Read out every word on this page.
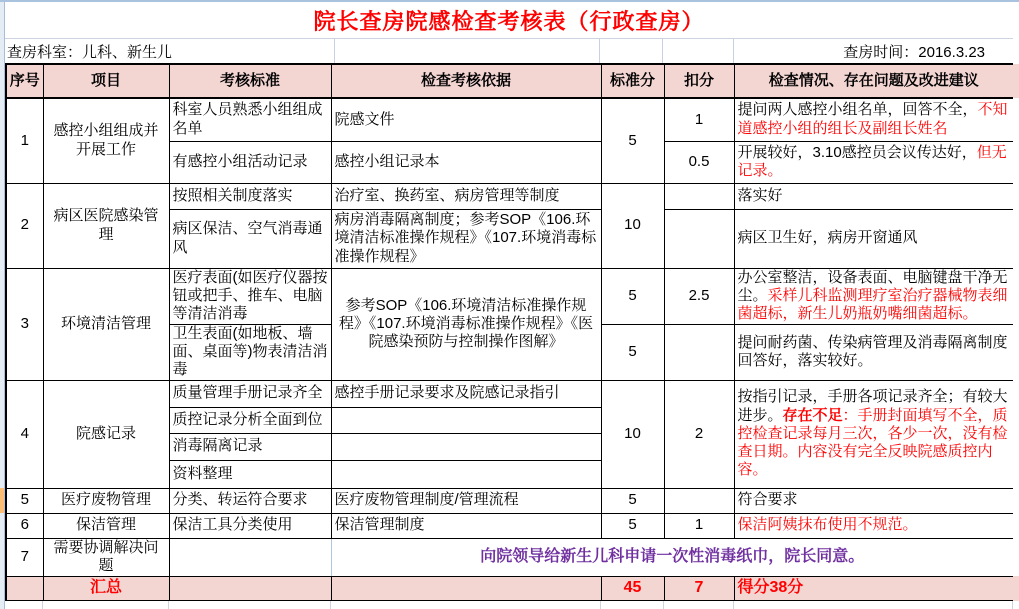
院长查房院感检查考核表（行政查房）
查房科室：儿科、新生儿	查房时间：2016.3.23
序号	项目	考核标准	检查考核依据	标准分	扣分	检查情况、存在问题及改进建议
1	感控小组组成并开展工作	科室人员熟悉小组组成名单	院感文件	5	1	提问两人感控小组名单，回答不全，不知道感控小组的组长及副组长姓名
		有感控小组活动记录	感控小组记录本		0.5	开展较好，3.10感控员会议传达好，但无记录。
2	病区医院感染管理	按照相关制度落实	治疗室、换药室、病房管理等制度	10		落实好
		病区保洁、空气消毒通风	病房消毒隔离制度；参考SOP《106.环境清洁标准操作规程》《107.环境消毒标准操作规程》			病区卫生好，病房开窗通风
3	环境清洁管理	医疗表面(如医疗仪器按钮或把手、推车、电脑等清洁消毒	参考SOP《106.环境清洁标准操作规程》《107.环境消毒标准操作规程》《医院感染预防与控制操作图解》	5	2.5	办公室整洁，设备表面、电脑键盘干净无尘。采样儿科监测理疗室治疗器械物表细菌超标，新生儿奶瓶奶嘴细菌超标。
		卫生表面(如地板、墙面、桌面等)物表清洁消毒		5		提问耐药菌、传染病管理及消毒隔离制度回答好，落实较好。
4	院感记录	质量管理手册记录齐全	感控手册记录要求及院感记录指引	10	2	按指引记录，手册各项记录齐全；有较大进步。存在不足：手册封面填写不全，质控检查记录每月三次，各少一次，没有检查日期。内容没有完全反映院感质控内容。
		质控记录分析全面到位				
		消毒隔离记录				
		资料整理				
5	医疗废物管理	分类、转运符合要求	医疗废物管理制度/管理流程	5		符合要求
6	保洁管理	保洁工具分类使用	保洁管理制度	5	1	保洁阿姨抹布使用不规范。
7	需要协调解决问题		向院领导给新生儿科申请一次性消毒纸巾，院长同意。			
	汇总			45	7	得分38分
